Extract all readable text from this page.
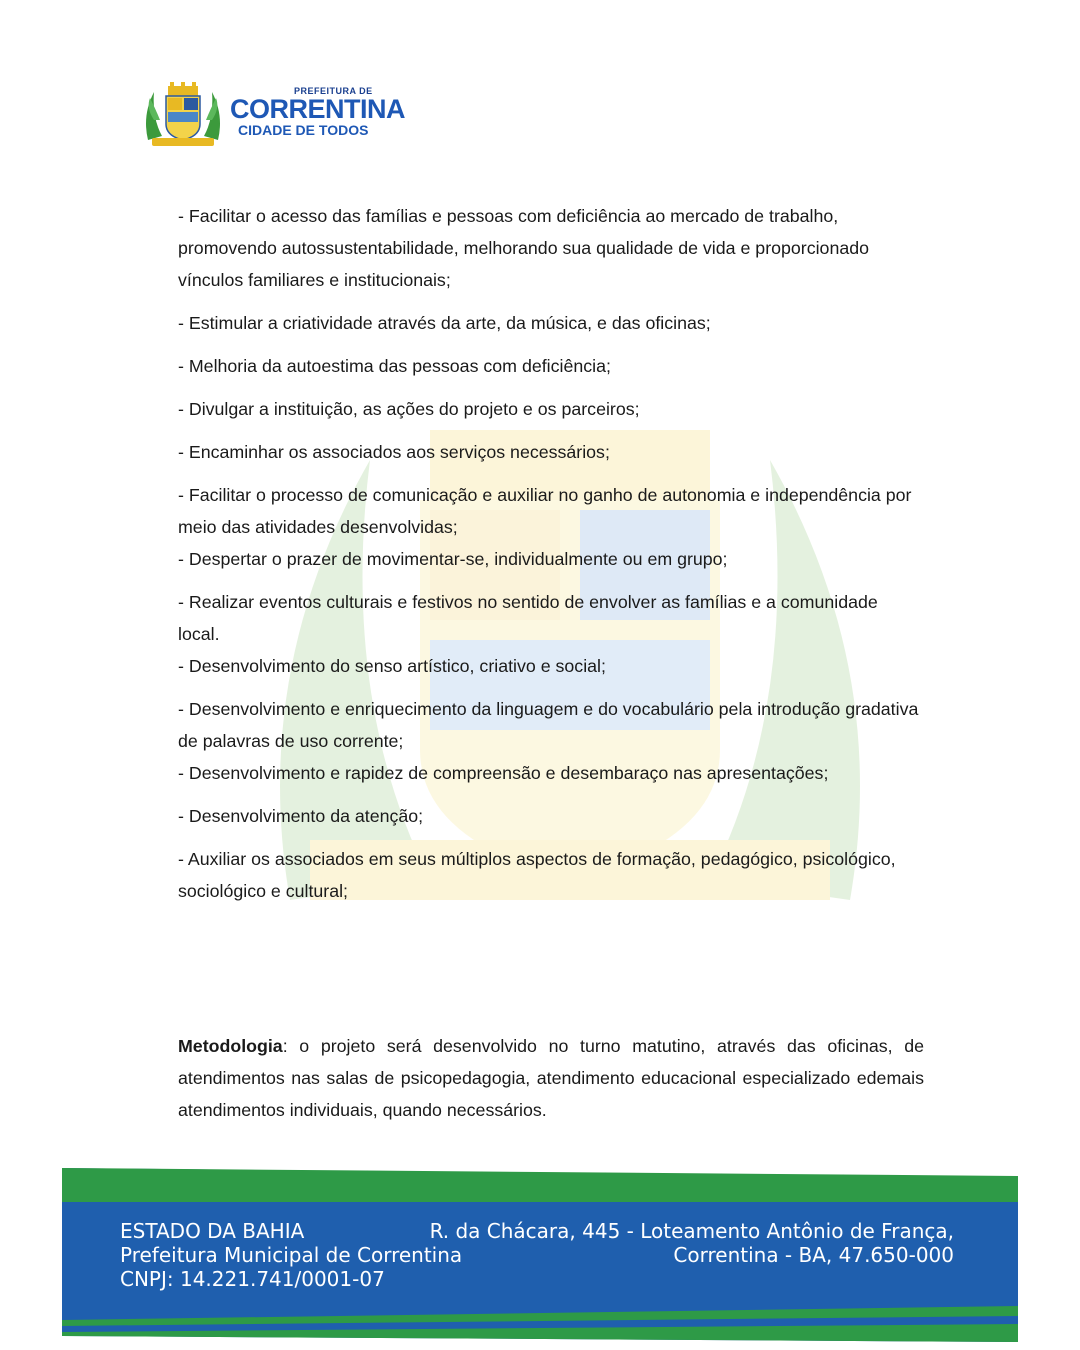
PREFEITURA DE
CORRENTINA
CIDADE DE TODOS

- Facilitar o acesso das famílias e pessoas com deficiência ao mercado de trabalho, promovendo autossustentabilidade, melhorando sua qualidade de vida e proporcionado vínculos familiares e institucionais;

- Estimular a criatividade através da arte, da música, e das oficinas;

- Melhoria da autoestima das pessoas com deficiência;

- Divulgar a instituição, as ações do projeto e os parceiros;

- Encaminhar os associados aos serviços necessários;

- Facilitar o processo de comunicação e auxiliar no ganho de autonomia e independência por meio das atividades desenvolvidas;

- Despertar o prazer de movimentar-se, individualmente ou em grupo;

- Realizar eventos culturais e festivos no sentido de envolver as famílias e a comunidade local.

- Desenvolvimento do senso artístico, criativo e social;

- Desenvolvimento e enriquecimento da linguagem e do vocabulário pela introdução gradativa de palavras de uso corrente;

- Desenvolvimento e rapidez de compreensão e desembaraço nas apresentações;

- Desenvolvimento da atenção;

- Auxiliar os associados em seus múltiplos aspectos de formação, pedagógico, psicológico, sociológico e cultural;

Metodologia: o projeto será desenvolvido no turno matutino, através das oficinas, de atendimentos nas salas de psicopedagogia, atendimento educacional especializado edemais atendimentos individuais, quando necessários.
ESTADO DA BAHIA
Prefeitura Municipal de Correntina
CNPJ: 14.221.741/0001-07
R. da Chácara, 445 - Loteamento Antônio de França,
Correntina - BA, 47.650-000
